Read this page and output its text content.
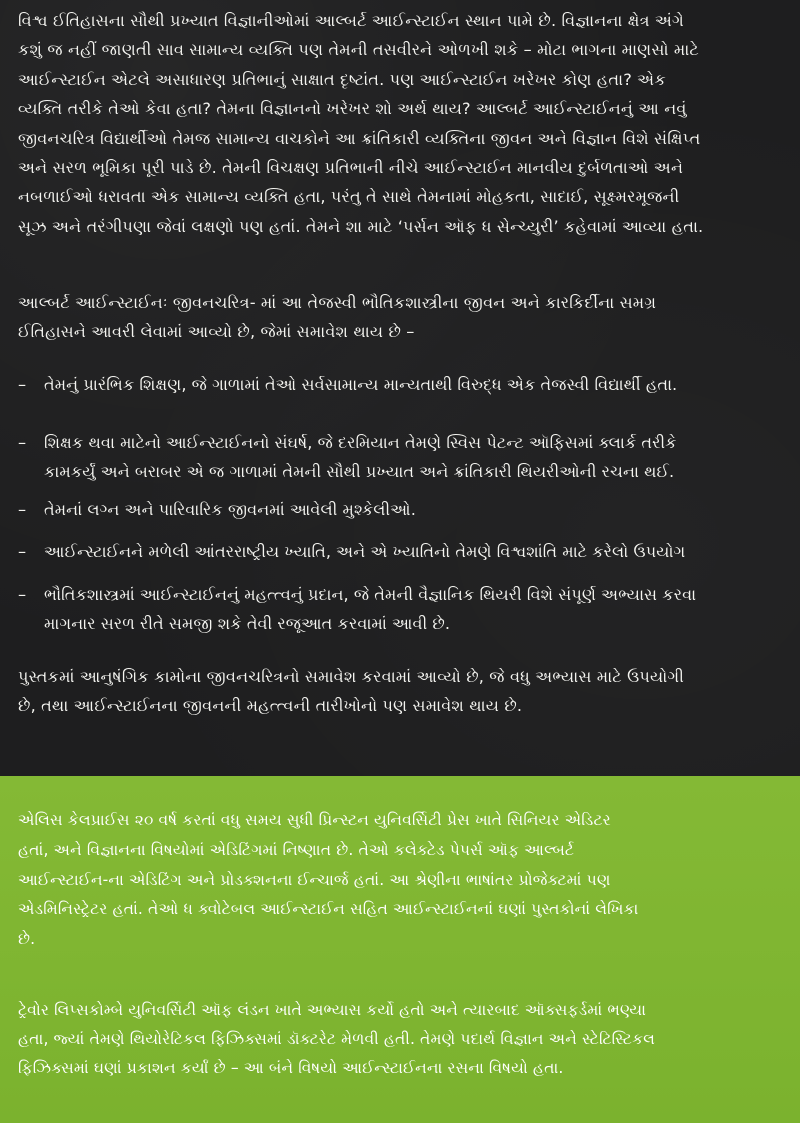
વિશ્વ ઈતિહાસના સૌથી પ્રખ્યાત વિજ્ઞાનીઓમાં આલ્બર્ટ આઈન્સ્ટાઈન સ્થાન પામે છે. વિજ્ઞાનના ક્ષેત્ર અંગે
કશું જ નહીં જાણતી સાવ સામાન્ય વ્યક્તિ પણ તેમની તસવીરને ઓળખી શકે – મોટા ભાગના માણસો માટે
આઈન્સ્ટાઈન એટલે અસાધારણ પ્રતિભાનું સાક્ષાત દૃષ્ટાંત. પણ આઈન્સ્ટાઈન ખરેખર કોણ હતા? એક
વ્યક્તિ તરીકે તેઓ કેવા હતા? તેમના વિજ્ઞાનનો ખરેખર શો અર્થ થાય? આલ્બર્ટ આઈન્સ્ટાઈનનું આ નવું
જીવનચરિત્ર વિદ્યાર્થીઓ તેમજ સામાન્ય વાચકોને આ ક્રાંતિકારી વ્યક્તિના જીવન અને વિજ્ઞાન વિશે સંક્ષિપ્ત
અને સરળ ભૂમિકા પૂરી પાડે છે. તેમની વિચક્ષણ પ્રતિભાની નીચે આઈન્સ્ટાઈન માનવીય દુર્બળતાઓ અને
નબળાઈઓ ધરાવતા એક સામાન્ય વ્યક્તિ હતા, પરંતુ તે સાથે તેમનામાં મોહકતા, સાદાઈ, સૂક્ષ્મરમૂજની
સૂઝ અને તરંગીપણા જેવાં લક્ષણો પણ હતાં. તેમને શા માટે ‘પર્સન ઑફ ધ સેન્ચ્યુરી’ કહેવામાં આવ્યા હતા.
આલ્બર્ટ આઈન્સ્ટાઈનઃ જીવનચરિત્ર- માં આ તેજસ્વી ભૌતિકશાસ્ત્રીના જીવન અને કારકિર્દીના સમગ્ર
ઈતિહાસને આવરી લેવામાં આવ્યો છે, જેમાં સમાવેશ થાય છે –
– તેમનું પ્રારંભિક શિક્ષણ, જે ગાળામાં તેઓ સર્વસામાન્ય માન્યતાથી વિરુદ્ધ એક તેજસ્વી વિદ્યાર્થી હતા.
– શિક્ષક થવા માટેનો આઈન્સ્ટાઈનનો સંઘર્ષ, જે દરમિયાન તેમણે સ્વિસ પેટન્ટ ઑફિસમાં ક્લાર્ક તરીકે
કામકર્યું અને બરાબર એ જ ગાળામાં તેમની સૌથી પ્રખ્યાત અને ક્રાંતિકારી થિયરીઓની રચના થઈ.
– તેમનાં લગ્ન અને પારિવારિક જીવનમાં આવેલી મુશ્કેલીઓ.
– આઈન્સ્ટાઈનને મળેલી આંતરરાષ્ટ્રીય ખ્યાતિ, અને એ ખ્યાતિનો તેમણે વિશ્વશાંતિ માટે કરેલો ઉપયોગ
– ભૌતિકશાસ્ત્રમાં આઈન્સ્ટાઈનનું મહત્ત્વનું પ્રદાન, જે તેમની વૈજ્ઞાનિક થિયરી વિશે સંપૂર્ણ અભ્યાસ કરવા
માગનાર સરળ રીતે સમજી શકે તેવી રજૂઆત કરવામાં આવી છે.
પુસ્તકમાં આનુષંગિક કામોના જીવનચરિત્રનો સમાવેશ કરવામાં આવ્યો છે, જે વધુ અભ્યાસ માટે ઉપયોગી
છે, તથા આઈન્સ્ટાઈનના જીવનની મહત્ત્વની તારીખોનો પણ સમાવેશ થાય છે.
એલિસ કેલપ્રાઈસ ૨૦ વર્ષ કરતાં વધુ સમય સુધી પ્રિન્સ્ટન યુનિવર્સિટી પ્રેસ ખાતે સિનિયર એડિટર
હતાં, અને વિજ્ઞાનના વિષયોમાં એડિટિંગમાં નિષ્ણાત છે. તેઓ કલેક્ટેડ પેપર્સ ઑફ આલ્બર્ટ
આઈન્સ્ટાઈન-ના એડિટિંગ અને પ્રોડક્શનના ઈન્ચાર્જ હતાં. આ શ્રેણીના ભાષાંતર પ્રોજેક્ટમાં પણ
એડમિનિસ્ટ્રેટર હતાં. તેઓ ધ ક્વોટેબલ આઈન્સ્ટાઈન સહિત આઈન્સ્ટાઈનનાં ઘણાં પુસ્તકોનાં લેખિકા
છે.
ટ્રેવોર લિપ્સકોમ્બે યુનિવર્સિટી ઑફ લંડન ખાતે અભ્યાસ કર્યો હતો અને ત્યારબાદ ઑક્સફર્ડમાં ભણ્યા
હતા, જ્યાં તેમણે થિયોરેટિકલ ફિઝિક્સમાં ડૉક્ટરેટ મેળવી હતી. તેમણે પદાર્થ વિજ્ઞાન અને સ્ટેટિસ્ટિકલ
ફિઝિક્સમાં ઘણાં પ્રકાશન કર્યાં છે – આ બંને વિષયો આઈન્સ્ટાઈનના રસના વિષયો હતા.
